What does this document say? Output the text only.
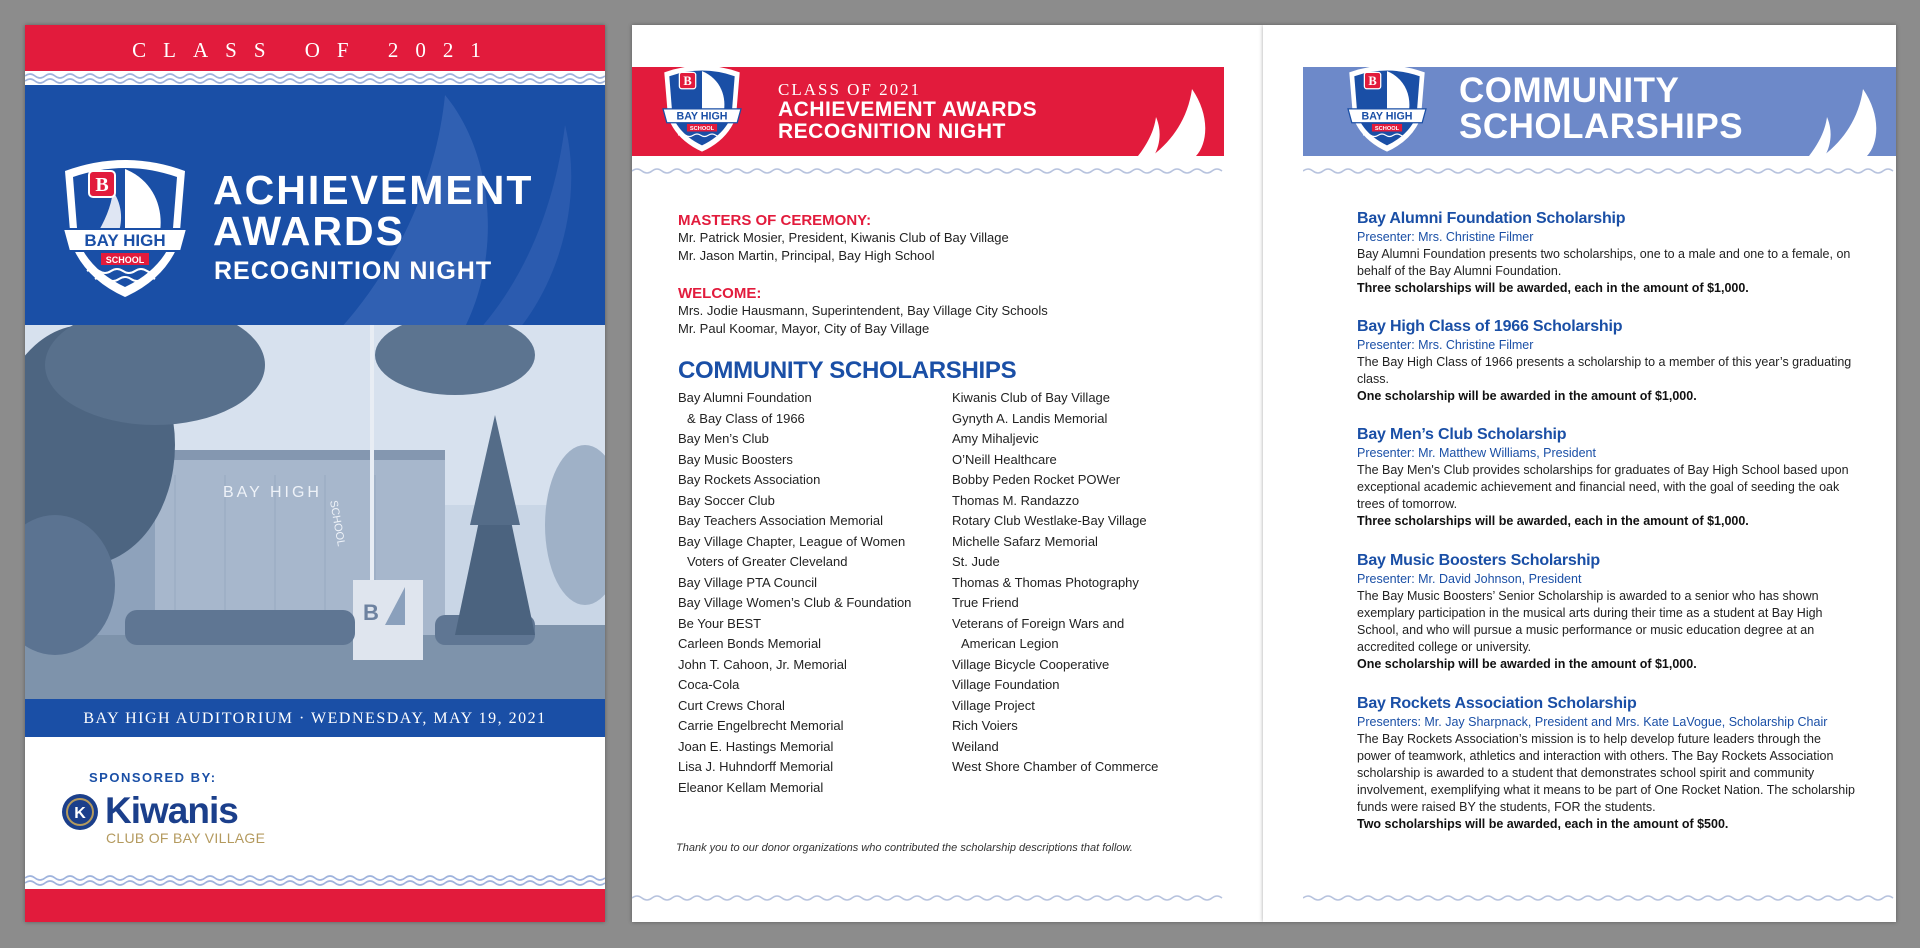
CLASS OF 2021
B
BAY HIGH
SCHOOL
ACHIEVEMENT
AWARDS
RECOGNITION NIGHT
BAY HIGH
SCHOOL
B
BAY HIGH AUDITORIUM · WEDNESDAY, MAY 19, 2021
SPONSORED BY:
K Kiwanis
CLUB OF BAY VILLAGE
B
BAY HIGH
SCHOOL
CLASS OF 2021
ACHIEVEMENT AWARDS
RECOGNITION NIGHT
MASTERS OF CEREMONY:
Mr. Patrick Mosier, President, Kiwanis Club of Bay Village
Mr. Jason Martin, Principal, Bay High School
WELCOME:
Mrs. Jodie Hausmann, Superintendent, Bay Village City Schools
Mr. Paul Koomar, Mayor, City of Bay Village
COMMUNITY SCHOLARSHIPS
Bay Alumni Foundation
& Bay Class of 1966
Bay Men’s Club
Bay Music Boosters
Bay Rockets Association
Bay Soccer Club
Bay Teachers Association Memorial
Bay Village Chapter, League of Women
Voters of Greater Cleveland
Bay Village PTA Council
Bay Village Women’s Club & Foundation
Be Your BEST
Carleen Bonds Memorial
John T. Cahoon, Jr. Memorial
Coca-Cola
Curt Crews Choral
Carrie Engelbrecht Memorial
Joan E. Hastings Memorial
Lisa J. Huhndorff Memorial
Eleanor Kellam Memorial
Kiwanis Club of Bay Village
Gynyth A. Landis Memorial
Amy Mihaljevic
O’Neill Healthcare
Bobby Peden Rocket POWer
Thomas M. Randazzo
Rotary Club Westlake-Bay Village
Michelle Safarz Memorial
St. Jude
Thomas & Thomas Photography
True Friend
Veterans of Foreign Wars and
American Legion
Village Bicycle Cooperative
Village Foundation
Village Project
Rich Voiers
Weiland
West Shore Chamber of Commerce
Thank you to our donor organizations who contributed the scholarship descriptions that follow.
B
BAY HIGH
SCHOOL
COMMUNITY
SCHOLARSHIPS

Bay Alumni Foundation Scholarship

Presenter: Mrs. Christine Filmer

Bay Alumni Foundation presents two scholarships, one to a male and one to a female, on behalf of the Bay Alumni Foundation.

Three scholarships will be awarded, each in the amount of $1,000.

Bay High Class of 1966 Scholarship

Presenter: Mrs. Christine Filmer

The Bay High Class of 1966 presents a scholarship to a member of this year’s graduating class.

One scholarship will be awarded in the amount of $1,000.

Bay Men’s Club Scholarship

Presenter: Mr. Matthew Williams, President

The Bay Men's Club provides scholarships for graduates of Bay High School based upon exceptional academic achievement and financial need, with the goal of seeding the oak trees of tomorrow.

Three scholarships will be awarded, each in the amount of $1,000.

Bay Music Boosters Scholarship

Presenter: Mr. David Johnson, President

The Bay Music Boosters’ Senior Scholarship is awarded to a senior who has shown exemplary participation in the musical arts during their time as a student at Bay High School, and who will pursue a music performance or music education degree at an accredited college or university.

One scholarship will be awarded in the amount of $1,000.

Bay Rockets Association Scholarship

Presenters: Mr. Jay Sharpnack, President and Mrs. Kate LaVogue, Scholarship Chair

The Bay Rockets Association’s mission is to help develop future leaders through the power of teamwork, athletics and interaction with others. The Bay Rockets Association scholarship is awarded to a student that demonstrates school spirit and community involvement, exemplifying what it means to be part of One Rocket Nation. The scholarship funds were raised BY the students, FOR the students.

Two scholarships will be awarded, each in the amount of $500.
